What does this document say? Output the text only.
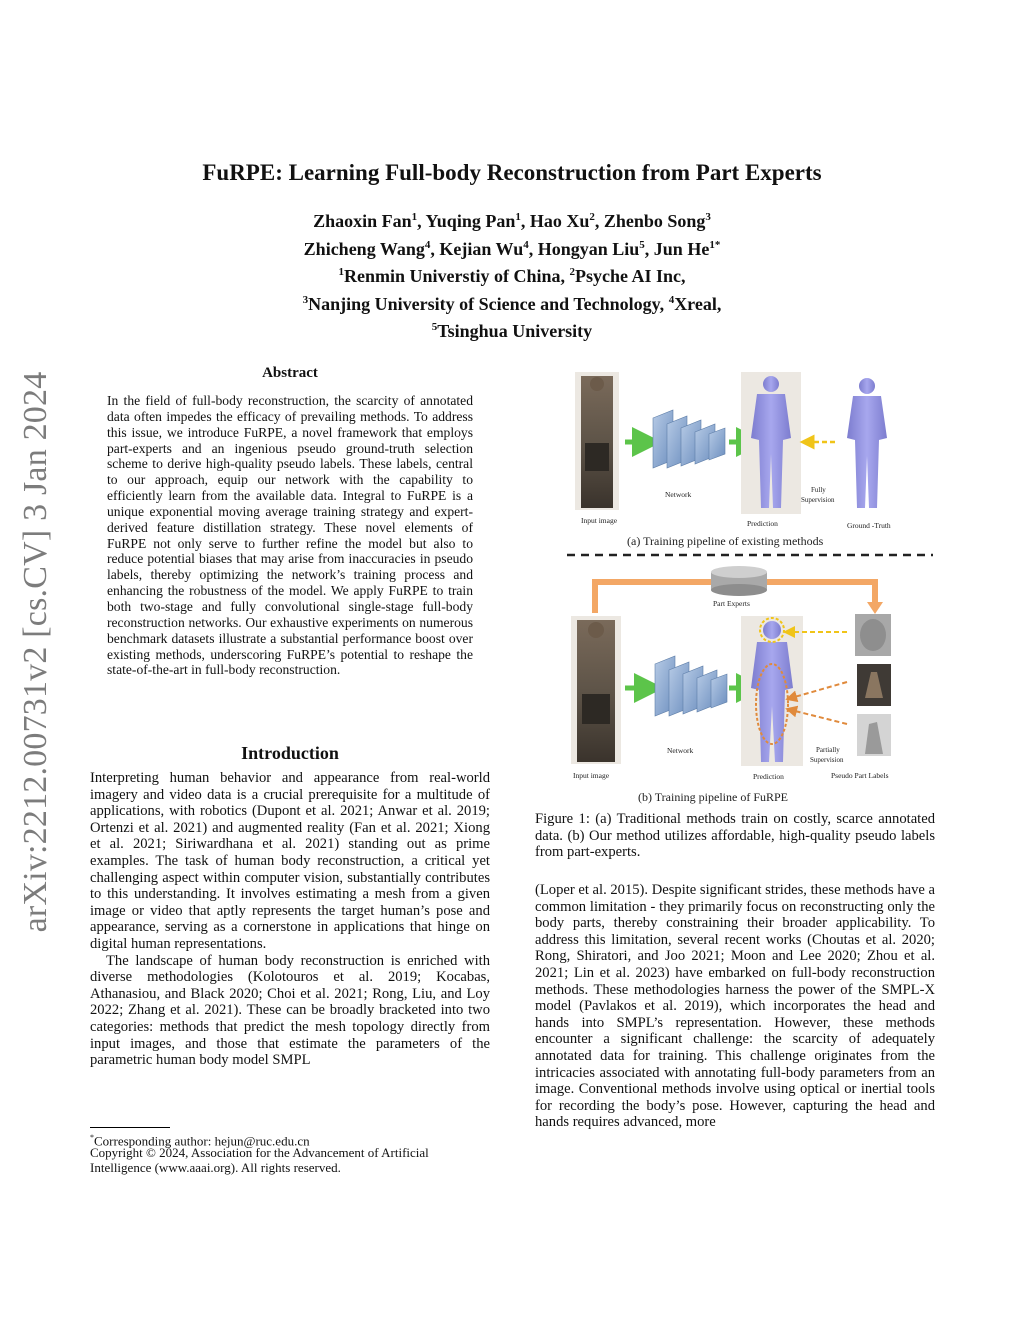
arXiv:2212.00731v2 [cs.CV] 3 Jan 2024
FuRPE: Learning Full-body Reconstruction from Part Experts
Zhaoxin Fan$^1$, Yuqing Pan$^1$, Hao Xu$^2$, Zhenbo Song$^3$
Zhicheng Wang$^4$, Kejian Wu$^4$, Hongyan Liu$^5$, Jun $He^{1*}$
$^1$Renmin Universtiy of China, $^2$Psyche AI Inc,
$^3$Nanjing University of Science and Technology, $^4$Xreal,
$^5$Tsinghua University
Abstract
In the field of full-body reconstruction, the scarcity of annotated data often impedes the efficacy of prevailing methods. To address this issue, we introduce FuRPE, a novel framework that employs part-experts and an ingenious pseudo ground-truth selection scheme to derive high-quality pseudo labels. These labels, central to our approach, equip our network with the capability to efficiently learn from the available data. Integral to FuRPE is a unique exponential moving average training strategy and expert-derived feature distillation strategy. These novel elements of FuRPE not only serve to further refine the model but also to reduce potential biases that may arise from inaccuracies in pseudo labels, thereby optimizing the network’s training process and enhancing the robustness of the model. We apply FuRPE to train both two-stage and fully convolutional single-stage full-body reconstruction networks. Our exhaustive experiments on numerous benchmark datasets illustrate a substantial performance boost over existing methods, underscoring FuRPE’s potential to reshape the state-of-the-art in full-body reconstruction.
Introduction

Interpreting human behavior and appearance from real-world imagery and video data is a crucial prerequisite for a multitude of applications, with robotics (Dupont et al. 2021; Anwar et al. 2019; Ortenzi et al. 2021) and augmented reality (Fan et al. 2021; Xiong et al. 2021; Siriwardhana et al. 2021) standing out as prime examples. The task of human body reconstruction, a critical yet challenging aspect within computer vision, substantially contributes to this understanding. It involves estimating a mesh from a given image or video that aptly represents the target human’s pose and appearance, serving as a cornerstone in applications that hinge on digital human representations.

The landscape of human body reconstruction is enriched with diverse methodologies (Kolotouros et al. 2019; Kocabas, Athanasiou, and Black 2020; Choi et al. 2021; Rong, Liu, and Loy 2022; Zhang et al. 2021). These can be broadly bracketed into two categories: methods that predict the mesh topology directly from input images, and those that estimate the parameters of the parametric human body model SMPL

*Corresponding author: hejun@ruc.edu.cn
Copyright © 2024, Association for the Advancement of Artificial Intelligence (www.aaai.org). All rights reserved.
Input image
Network
Prediction
Fully
Supervision
Ground -Truth
(a) Training pipeline of existing methods
Part Experts
Input image
Network
Prediction
Partially
Supervision
Pseudo Part Labels
(b) Training pipeline of FuRPE
Figure 1: (a) Traditional methods train on costly, scarce annotated data. (b) Our method utilizes affordable, high-quality pseudo labels from part-experts.
(Loper et al. 2015). Despite significant strides, these methods have a common limitation - they primarily focus on reconstructing only the body parts, thereby constraining their broader applicability. To address this limitation, several recent works (Choutas et al. 2020; Rong, Shiratori, and Joo 2021; Moon and Lee 2020; Zhou et al. 2021; Lin et al. 2023) have embarked on full-body reconstruction methods. These methodologies harness the power of the SMPL-X model (Pavlakos et al. 2019), which incorporates the head and hands into SMPL’s representation. However, these methods encounter a significant challenge: the scarcity of adequately annotated data for training. This challenge originates from the intricacies associated with annotating full-body parameters from an image. Conventional methods involve using optical or inertial tools for recording the body’s pose. However, capturing the head and hands requires advanced, more
